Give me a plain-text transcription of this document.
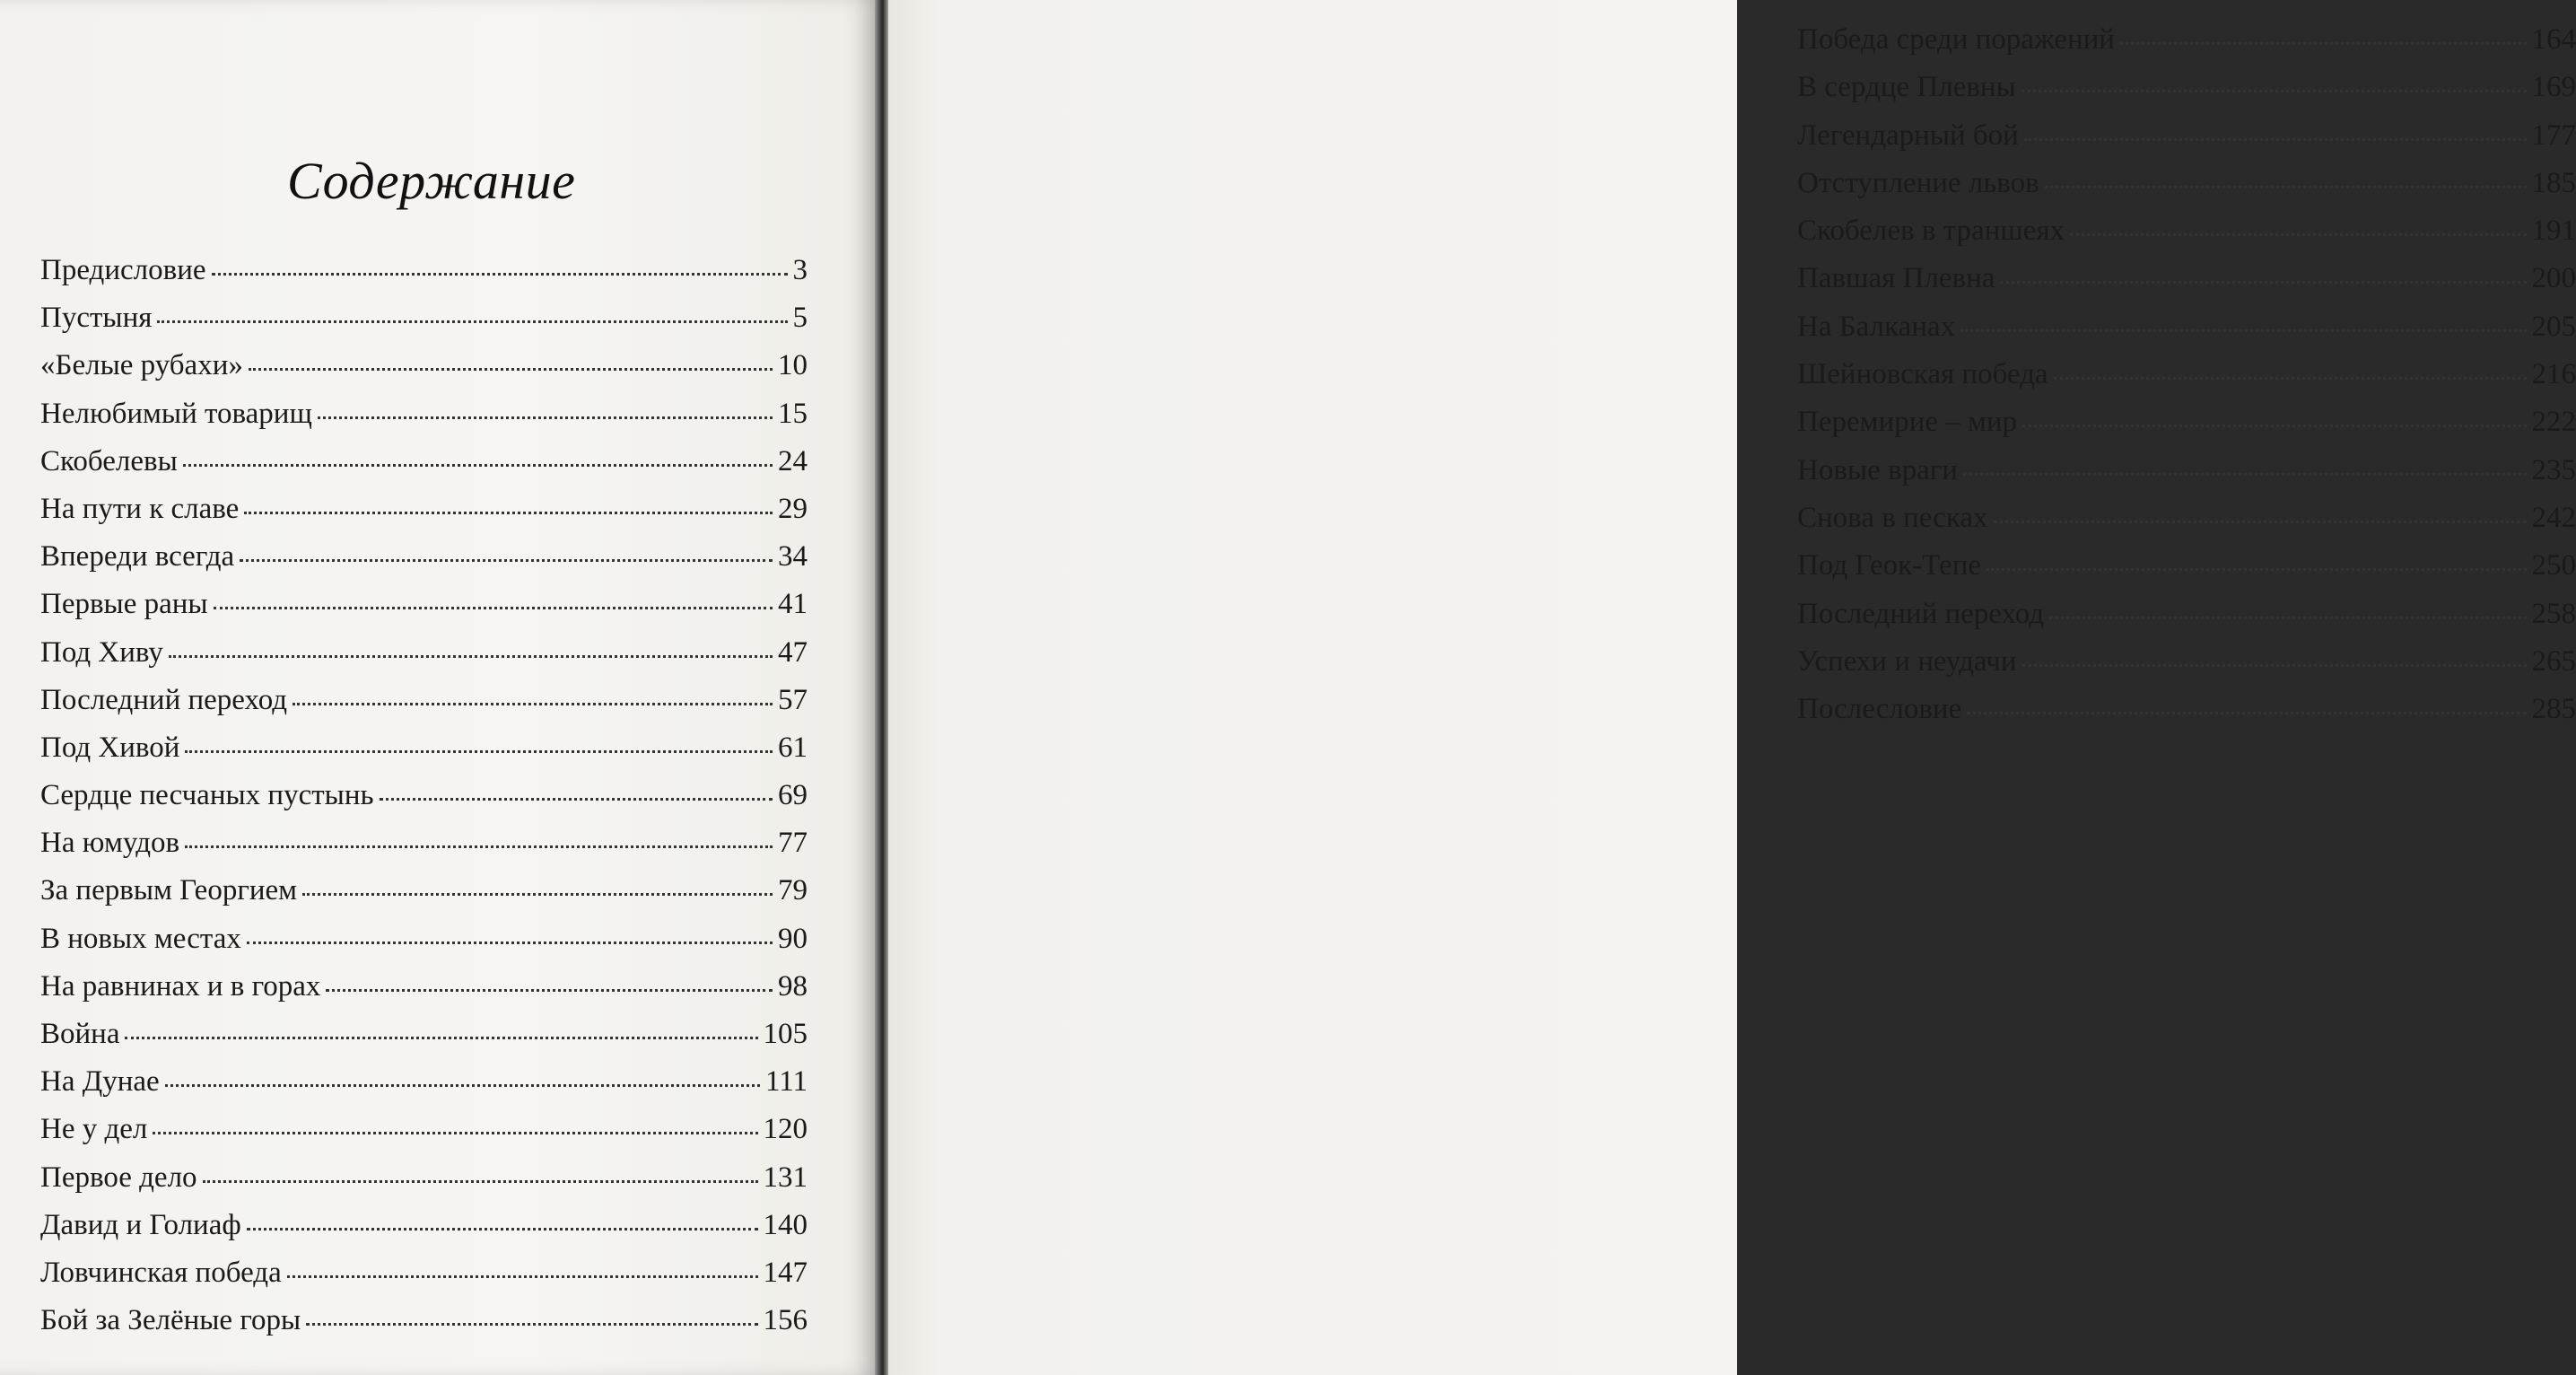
Содержание
Предисловие	3
Пустыня	5
«Белые рубахи»	10
Нелюбимый товарищ	15
Скобелевы	24
На пути к славе	29
Впереди всегда	34
Первые раны	41
Под Хиву	47
Последний переход	57
Под Хивой	61
Сердце песчаных пустынь	69
На юмудов	77
За первым Георгием	79
В новых местах	90
На равнинах и в горах	98
Война	105
На Дунае	111
Не у дел	120
Первое дело	131
Давид и Голиаф	140
Ловчинская победа	147
Бой за Зелёные горы	156
Победа среди поражений	164
В сердце Плевны	169
Легендарный бой	177
Отступление львов	185
Скобелев в траншеях	191
Павшая Плевна	200
На Балканах	205
Шейновская победа	216
Перемирие – мир	222
Новые враги	235
Снова в песках	242
Под Геок-Тепе	250
Последний переход	258
Успехи и неудачи	265
Послесловие	285
